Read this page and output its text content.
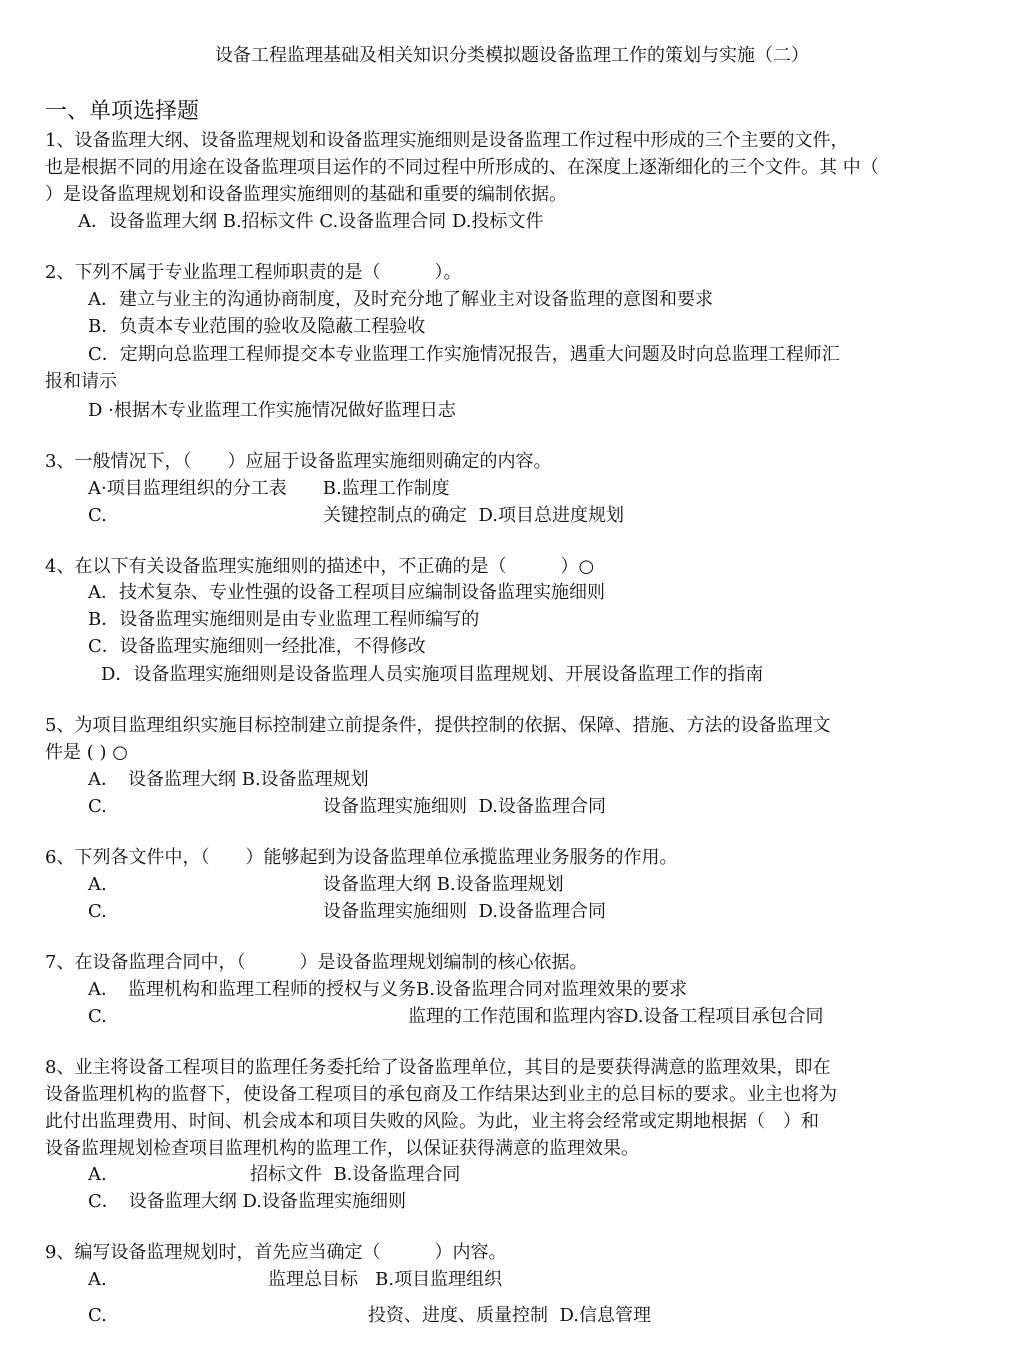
设备工程监理基础及相关知识分类模拟题设备监理工作的策划与实施（二）
一、单项选择题
1、设备监理大纲、设备监理规划和设备监理实施细则是设备监理工作过程中形成的三个主要的文件，
也是根据不同的用途在设备监理项目运作的不同过程中所形成的、在深度上逐渐细化的三个文件。其 中（
）是设备监理规划和设备监理实施细则的基础和重要的编制依据。
A．设备监理大纲 B.招标文件 C.设备监理合同 D.投标文件
2、下列不属于专业监理工程师职责的是（　　　）。
A．建立与业主的沟通协商制度，及时充分地了解业主对设备监理的意图和要求
B．负责本专业范围的验收及隐蔽工程验收
C．定期向总监理工程师提交本专业监理工作实施情况报告，遇重大问题及时向总监理工程师汇
报和请示
D ·根据木专业监理工作实施情况做好监理日志
3、一般情况下，（　　）应屈于设备监理实施细则确定的内容。
A·项目监理组织的分工表　　B.监理工作制度
C.	关键控制点的确定  D.项目总进度规划
4、在以下有关设备监理实施细则的描述中，不正确的是（　　　）○
A．技术复杂、专业性强的设备工程项目应编制设备监理实施细则
B．设备监理实施细则是由专业监理工程师编写的
C．设备监理实施细则一经批准，不得修改
D．设备监理实施细则是设备监理人员实施项目监理规划、开展设备监理工作的指南
5、为项目监理组织实施目标控制建立前提条件，提供控制的依据、保障、措施、方法的设备监理文
件是 ( ) ○
A．　设备监理大纲 B.设备监理规划
C.	设备监理实施细则  D.设备监理合同
6、下列各文件中，（　　）能够起到为设备监理单位承揽监理业务服务的作用。
A.	设备监理大纲 B.设备监理规划
C.	设备监理实施细则  D.设备监理合同
7、在设备监理合同中，（　　　）是设备监理规划编制的核心依据。
A．　监理机构和监理工程师的授权与义务B.设备监理合同对监理效果的要求
C.	监理的工作范围和监理内容D.设备工程项目承包合同
8、业主将设备工程项目的监理任务委托给了设备监理单位，其目的是要获得满意的监理效果，即在
设备监理机构的监督下，使设备工程项目的承包商及工作结果达到业主的总目标的要求。业主也将为
此付出监理费用、时间、机会成本和项目失败的风险。为此，业主将会经常或定期地根据（　）和
设备监理规划检查项目监理机构的监理工作，以保证获得满意的监理效果。
A.	招标文件  B.设备监理合同
C．　设备监理大纲 D.设备监理实施细则
9、编写设备监理规划时，首先应当确定（　　　）内容。
A.	监理总目标   B.项目监理组织
C.	投资、进度、质量控制  D.信息管理
